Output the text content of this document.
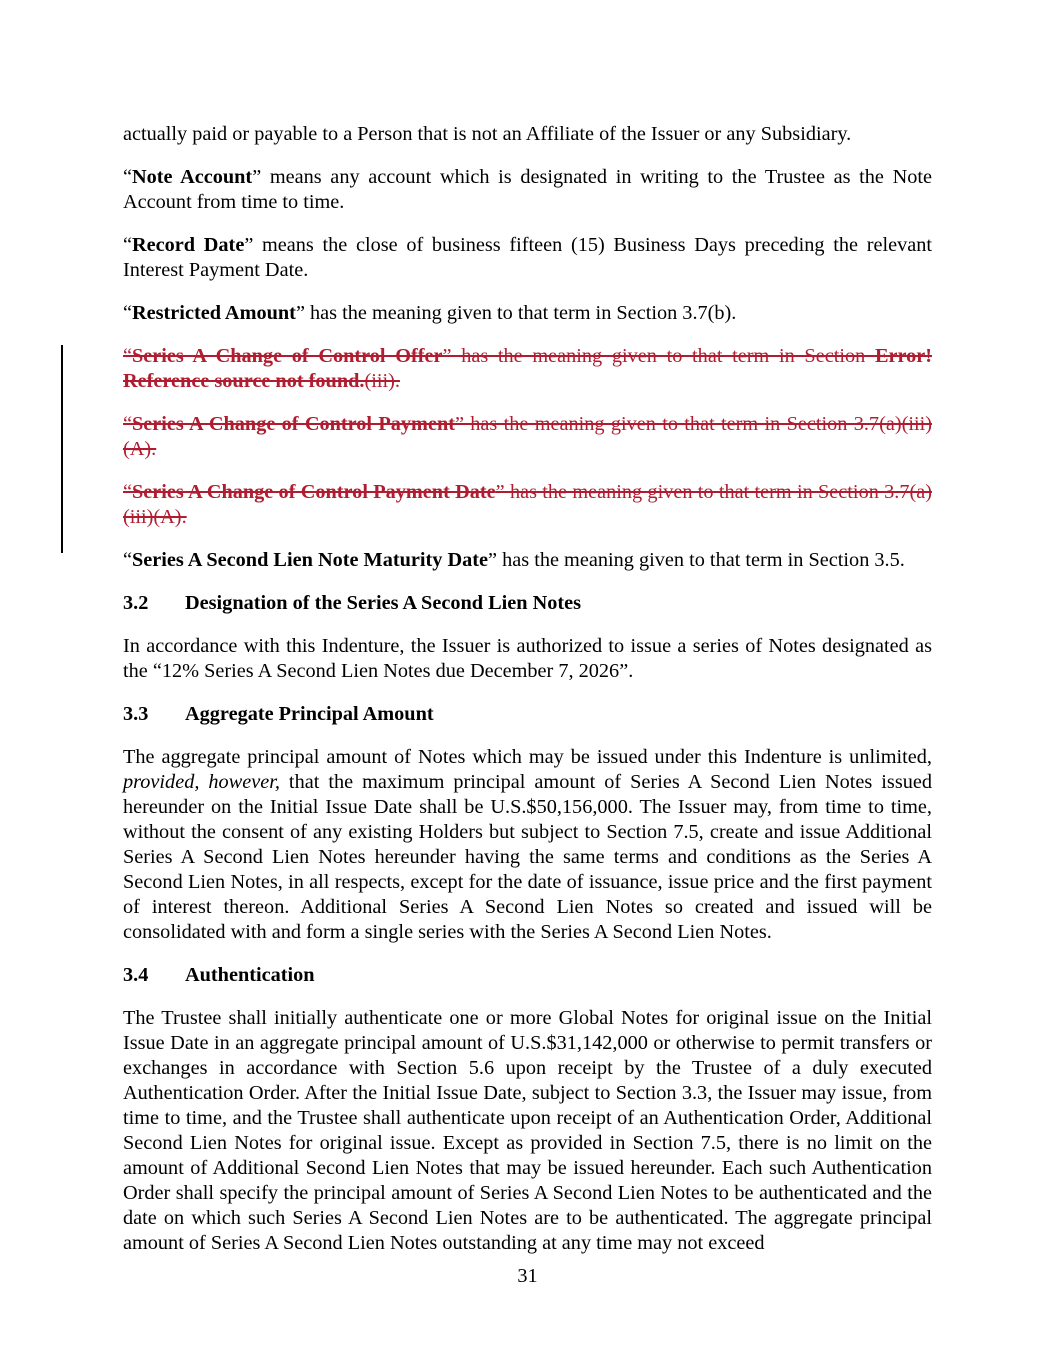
actually paid or payable to a Person that is not an Affiliate of the Issuer or any Subsidiary.

“Note Account” means any account which is designated in writing to the Trustee as the Note Account from time to time.

“Record Date” means the close of business fifteen (15) Business Days preceding the relevant Interest Payment Date.

“Restricted Amount” has the meaning given to that term in Section 3.7(b).

“Series A Change of Control Offer” has the meaning given to that term in Section Error! Reference source not found.(iii).

“Series A Change of Control Payment” has the meaning given to that term in Section 3.7(a)(iii)(A).

“Series A Change of Control Payment Date” has the meaning given to that term in Section 3.7(a)(iii)(A).

“Series A Second Lien Note Maturity Date” has the meaning given to that term in Section 3.5.

3.2 Designation of the Series A Second Lien Notes

In accordance with this Indenture, the Issuer is authorized to issue a series of Notes designated as the “12% Series A Second Lien Notes due December 7, 2026”.

3.3 Aggregate Principal Amount

The aggregate principal amount of Notes which may be issued under this Indenture is unlimited, provided, however, that the maximum principal amount of Series A Second Lien Notes issued hereunder on the Initial Issue Date shall be U.S.$50,156,000. The Issuer may, from time to time, without the consent of any existing Holders but subject to Section 7.5, create and issue Additional Series A Second Lien Notes hereunder having the same terms and conditions as the Series A Second Lien Notes, in all respects, except for the date of issuance, issue price and the first payment of interest thereon. Additional Series A Second Lien Notes so created and issued will be consolidated with and form a single series with the Series A Second Lien Notes.

3.4 Authentication

The Trustee shall initially authenticate one or more Global Notes for original issue on the Initial Issue Date in an aggregate principal amount of U.S.$31,142,000 or otherwise to permit transfers or exchanges in accordance with Section 5.6 upon receipt by the Trustee of a duly executed Authentication Order. After the Initial Issue Date, subject to Section 3.3, the Issuer may issue, from time to time, and the Trustee shall authenticate upon receipt of an Authentication Order, Additional Second Lien Notes for original issue. Except as provided in Section 7.5, there is no limit on the amount of Additional Second Lien Notes that may be issued hereunder. Each such Authentication Order shall specify the principal amount of Series A Second Lien Notes to be authenticated and the date on which such Series A Second Lien Notes are to be authenticated. The aggregate principal amount of Series A Second Lien Notes outstanding at any time may not exceed

31
